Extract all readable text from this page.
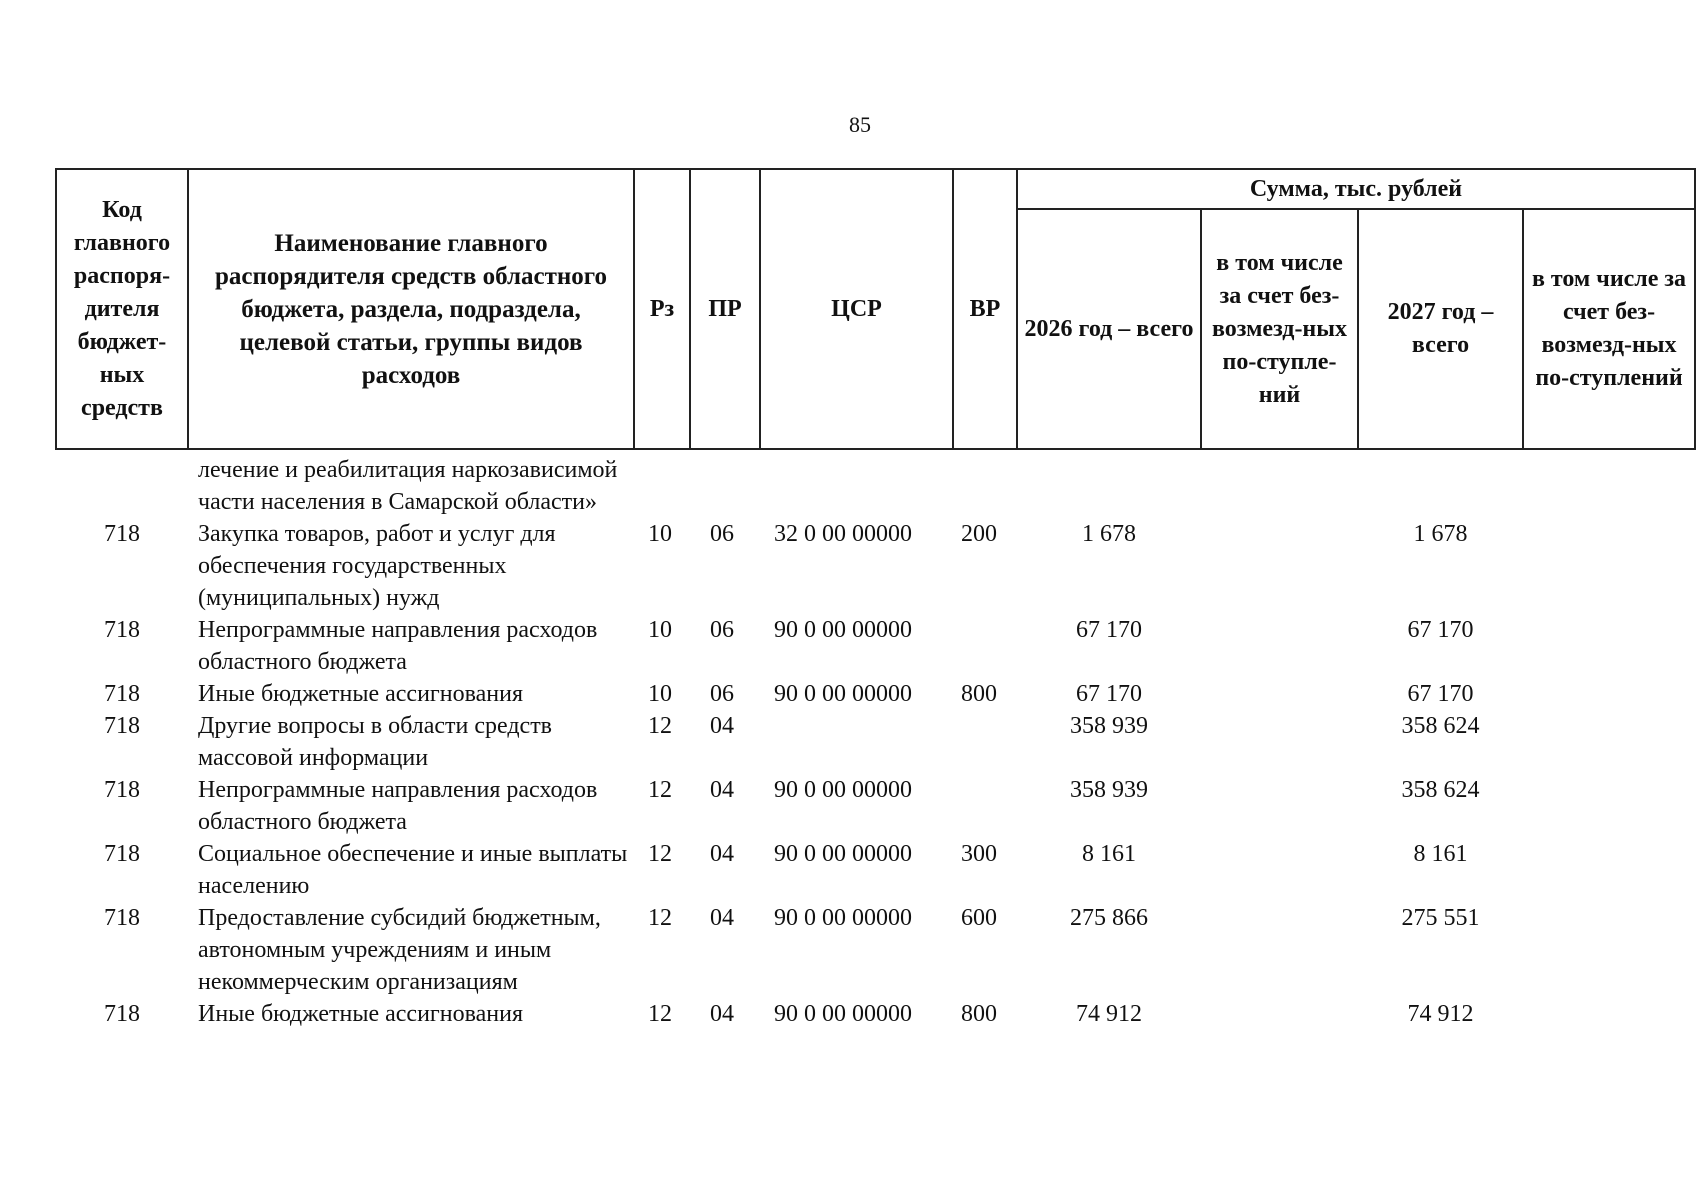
85
Код главного распоря-дителя бюджет-ных средств	Наименование главного распорядителя средств областного бюджета, раздела, подраздела, целевой статьи, группы видов расходов	Рз	ПР	ЦСР	ВР	Сумма, тыс. рублей			
						2026 год – всего	в том числе за счет без-возмезд-ных по-ступле-ний	2027 год – всего	в том числе за счет без-возмезд-ных по-ступлений
	лечение и реабилитация наркозависимой части населения в Самарской области»								
718	Закупка товаров, работ и услуг для обеспечения государственных (муниципальных) нужд	10	06	32 0 00 00000	200	1 678		1 678	
718	Непрограммные направления расходов областного бюджета	10	06	90 0 00 00000		67 170		67 170	
718	Иные бюджетные ассигнования	10	06	90 0 00 00000	800	67 170		67 170	
718	Другие вопросы в области средств массовой информации	12	04			358 939		358 624	
718	Непрограммные направления расходов областного бюджета	12	04	90 0 00 00000		358 939		358 624	
718	Социальное обеспечение и иные выплаты населению	12	04	90 0 00 00000	300	8 161		8 161	
718	Предоставление субсидий бюджетным, автономным учреждениям и иным некоммерческим организациям	12	04	90 0 00 00000	600	275 866		275 551	
718	Иные бюджетные ассигнования	12	04	90 0 00 00000	800	74 912		74 912	
